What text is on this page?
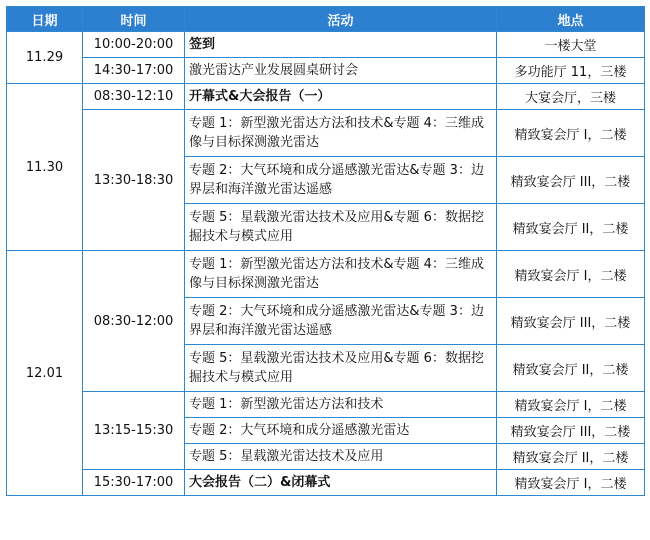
日期	时间	活动	地点
11.29	10:00-20:00	签到	一楼大堂
	14:30-17:00	激光雷达产业发展圆桌研讨会	多功能厅 11，三楼
11.30	08:30-12:10	开幕式&大会报告（一）	大宴会厅，三楼
	13:30-18:30	专题 1：新型激光雷达方法和技术&专题 4：三维成像与目标探测激光雷达	精致宴会厅 I，二楼
		专题 2：大气环境和成分遥感激光雷达&专题 3：边界层和海洋激光雷达遥感	精致宴会厅 III，二楼
		专题 5：星载激光雷达技术及应用&专题 6：数据挖掘技术与模式应用	精致宴会厅 II，二楼
12.01	08:30-12:00	专题 1：新型激光雷达方法和技术&专题 4：三维成像与目标探测激光雷达	精致宴会厅 I，二楼
		专题 2：大气环境和成分遥感激光雷达&专题 3：边界层和海洋激光雷达遥感	精致宴会厅 III，二楼
		专题 5：星载激光雷达技术及应用&专题 6：数据挖掘技术与模式应用	精致宴会厅 II，二楼
	13:15-15:30	专题 1：新型激光雷达方法和技术	精致宴会厅 I，二楼
		专题 2：大气环境和成分遥感激光雷达	精致宴会厅 III，二楼
		专题 5：星载激光雷达技术及应用	精致宴会厅 II，二楼
	15:30-17:00	大会报告（二）&闭幕式	精致宴会厅 I，二楼
